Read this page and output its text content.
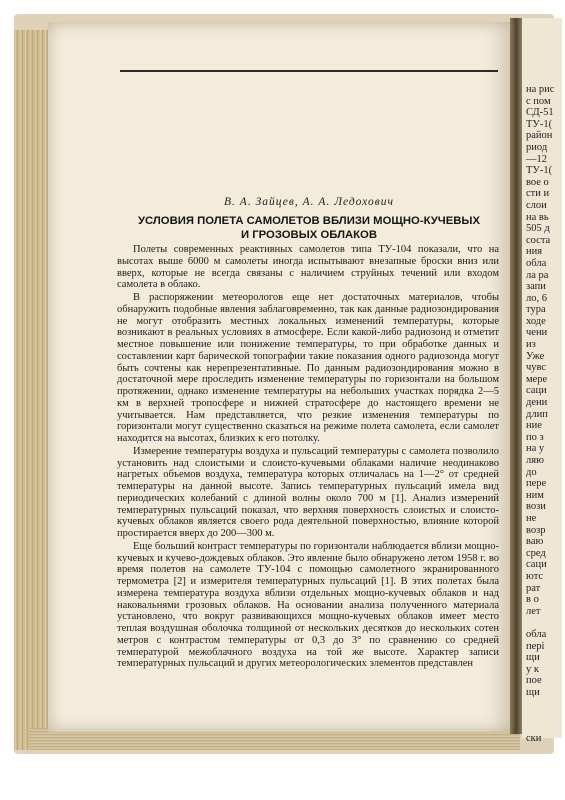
на рис
с пом
СД-51
ТУ-1(
район
риод
—12
ТУ-1(
вое о
сти и
слои
на вь
505 д
соста
ния
обла
ла ра
запи
ло, 6
тура
ходе
чени
из
Уже
чувс
мере
саци
дени
длип
ние
по з
на у
ляю
до
пере
ним
вози
не
возр
ваю
сред
саци
ютс
рат
в о
лет

обла
пері
щи
у к
пое
щи

ски
В. А. Зайцев, А. А. Ледохович
УСЛОВИЯ ПОЛЕТА САМОЛЕТОВ ВБЛИЗИ МОЩНО-КУЧЕВЫХ
И ГРОЗОВЫХ ОБЛАКОВ

Полеты современных реактивных самолетов типа ТУ-104 показали, что на высотах выше 6000 м самолеты иногда испытывают внезапные броски вниз или вверх, которые не всегда связаны с наличием струйных течений или входом самолета в облако.

В распоряжении метеорологов еще нет достаточных материалов, чтобы обнаружить подобные явления заблаговременно, так как данные радиозондирования не могут отобразить местных локальных изменений температуры, которые возникают в реальных условиях в атмосфере. Если какой-либо радиозонд и отметит местное повышение или понижение температуры, то при обработке данных и составлении карт барической топографии такие показания одного радиозонда могут быть сочтены как нерепрезентативные. По данным радиозондирования можно в достаточной мере проследить изменение температуры по горизонтали на большом протяжении, однако изменение температуры на небольших участках порядка 2—5 км в верхней тропосфере и нижней стратосфере до настоящего времени не учитывается. Нам представляется, что резкие изменения температуры по горизонтали могут существенно сказаться на режиме полета самолета, если самолет находится на высотах, близких к его потолку.

Измерение температуры воздуха и пульсаций температуры с самолета позволило установить над слоистыми и слоисто-кучевыми облаками наличие неодинаково нагретых объемов воздуха, температура которых отличалась на 1—2° от средней температуры на данной высоте. Запись температурных пульсаций имела вид периодических колебаний с длиной волны около 700 м [1]. Анализ измерений температурных пульсаций показал, что верхняя поверхность слоистых и слоисто-кучевых облаков является своего рода деятельной поверхностью, влияние которой простирается вверх до 200—300 м.

Еще больший контраст температуры по горизонтали наблюдается вблизи мощно-кучевых и кучево-дождевых облаков. Это явление было обнаружено летом 1958 г. во время полетов на самолете ТУ-104 с помощью самолетного экранированного термометра [2] и измерителя температурных пульсаций [1]. В этих полетах была измерена температура воздуха вблизи отдельных мощно-кучевых облаков и над наковальнями грозовых облаков. На основании анализа полученного материала установлено, что вокруг развивающихся мощно-кучевых облаков имеет место теплая воздушная оболочка толщиной от нескольких десятков до нескольких сотен метров с контрастом температуры от 0,3 до 3° по сравнению со средней температурой межоблачного воздуха на той же высоте. Характер записи температурных пульсаций и других метеорологических элементов представлен
